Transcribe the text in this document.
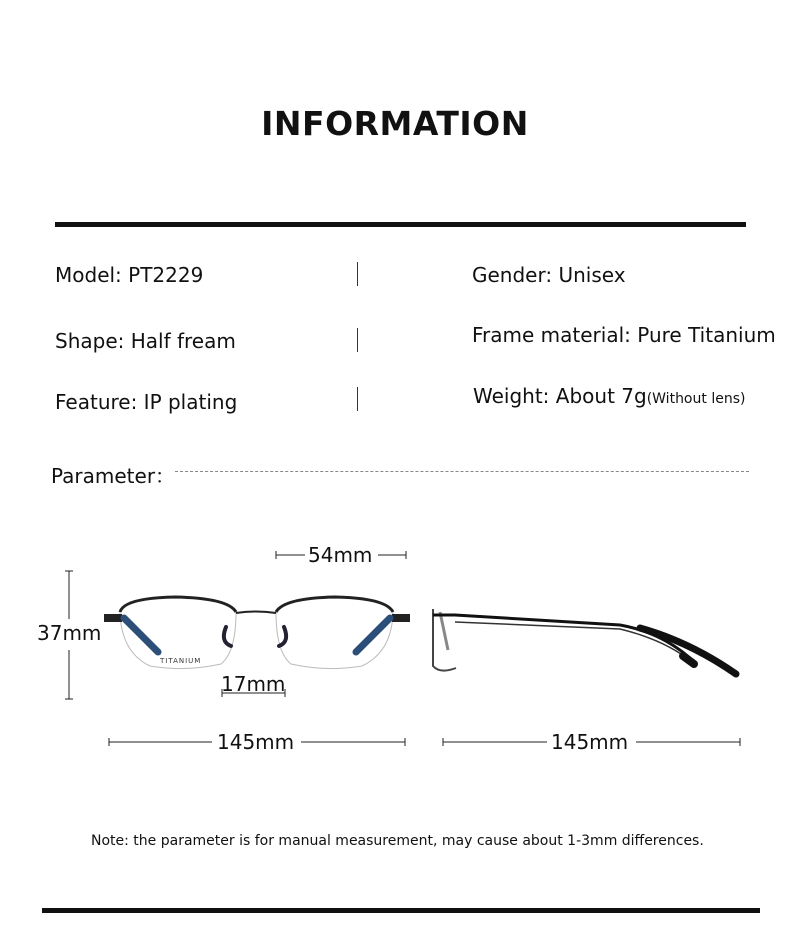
INFORMATION
Model: PT2229	Gender: Unisex
Shape: Half fream	Frame material: Pure Titanium
Feature: IP plating	Weight: About 7g(Without lens)
Parameter：
TITANIUM
54mm
37mm
17mm
145mm	145mm
Note: the parameter is for manual measurement, may cause about 1-3mm differences.
